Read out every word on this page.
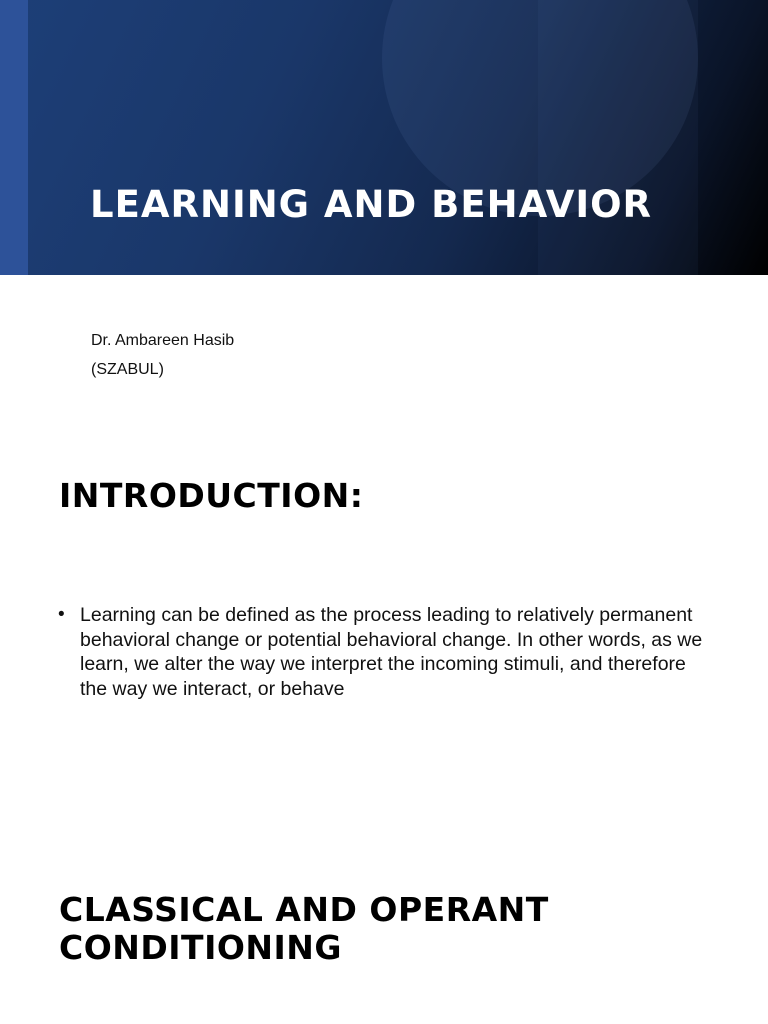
LEARNING AND BEHAVIOR
Dr. Ambareen Hasib
(SZABUL)
INTRODUCTION:
• Learning can be defined as the process leading to relatively permanent behavioral change or potential behavioral change. In other words, as we learn, we alter the way we interpret the incoming stimuli, and therefore the way we interact, or behave
CLASSICAL AND OPERANT CONDITIONING
